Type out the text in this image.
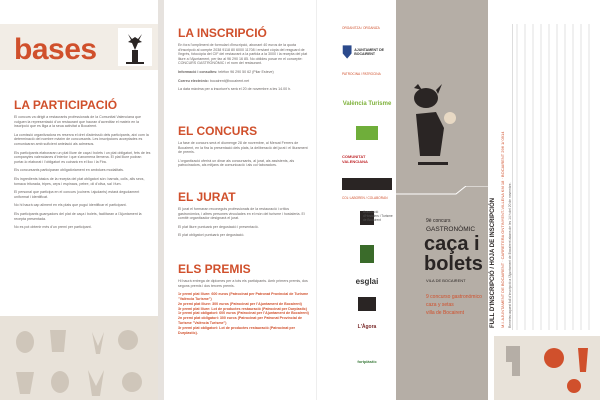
bases
LA PARTICIPACIÓ

El concurs va dirigit a restaurants professionals de la Comunitat Valenciana que vulguen la representació d'un restaurant que hauran d'acreditar el mateix en la inscripció que es lliga a la seua activitat a Bocairent.

La comissió organitzadora es reserva el dret d'admissió dels participants, així com la determinació del nombre màxim de concursants. Les inscripcions acceptades es comunicaran amb suficient antelació als admesos.

Els participants elaboraran un plat lliure de caça i bolets i un plat obligatori, fets de les companyies valencianes d'interior i que s'anomena llemena. El plat lliure podran portar-lo elaborat i l'obligatori es cuinarà en el lloc i la Fira.

Els concursants participaran obligatòriament en ambdues modalitats.

Els ingredients bàsics de la recepta del plat obligatori són: barrals, colls, alls secs, tomaca triturada, tripes, ceps i espinacs, pebre, oli d'oliva, sal i fum.

El personal que participa en el concurs (cuiners i ajudants) estarà degudament uniformat i identificat.

No hi haurà cap aliment en els plats que pugui identificar el participant.

Els participants guanyadors del plat de caça i bolets, facilitaran a l'Ajuntament la recepta presentada.

No es pot obtenir més d'un premi per participant.

LA INSCRIPCIÓ

En fora l'ompliment de formulari d'inscripció, abonant 40 euros de la quota d'inscripció al compte 2038 9118 80 6000 11708 i enviant còpia del resguard de l'ingrés, fotocòpia del CIF del restaurant a la partida a la 3000 i la recepta del plat lliure a l'Ajuntament, per fax al 96 290 16 85. No oblideu posar en el concepte: CONCURS GASTRONÒMIC i el nom del restaurant.

Informació i consultes: telèfon 96 290 50 62 (Pilar Esteve)

Correu electrònic: bocairent@bocairent.net

La data màxima per a inscriure's serà el 20 de novembre a les 14.00 h.

EL CONCURS

La fase de concurs serà el diumenge 28 de novembre, al Mercat Ferrers de Bocairent, en la fira la presentació dels plats, la deliberació del jurat i el lliurament de premis.

L'organització oferirà un dinar als concursants, al jurat, als assistents, als patrocinadors, als mitjans de comunicació i als col·laboradors.

EL JURAT

El jurat el formaran reconeguts professionals de la restauració i crítics gastronòmics, i altres persones vinculades en el món del turisme i hostaleria. El comitè organitzador designarà el jurat.

El plat lliure puntuarà per degustació i presentació.

El plat obligatori puntuarà per degustació.

ELS PREMIS

Hi haurà entrega de diplomes per a tots els participants. Amb primers premis, dos segons premis i dos tercers premis.

1r premi plat lliure: 600 euros (Patrocinat per Patronat Provincial de Turisme "València Turisme")

2n premi plat lliure: 300 euros (Patrocinat per l'Ajuntament de Bocairent)

3r premi plat lliure: Lot de productes restauració (Patrocinat per Durplastic)

1r premi plat obligatori: 600 euros (Patrocinat per l'Ajuntament de Bocairent)

2n premi plat obligatori: 300 euros (Patrocinat per Patronat Provincial de Turisme "València Turisme")

3r premi plat obligatori: Lot de productes restauració (Patrocinat per Durplastic).

ORGANITZA / ORGANIZA
AJUNTAMENT DE BOCAIRENT
PATROCINA / PATROCINA
València Turisme
COMUNITAT VALENCIANA
COL·LABOREN / COLABORAN
Associació d'Hostalers i Turisme de Bocairent
esglai
L'Àgora
fortplàstic
9è concurs
GASTRONÒMIC
caça i
bolets
VILA DE BOCAIRENT
9 concurso gastronómico
caza y setas
villa de Bocairent	FULL D'INSCRIPCIÓ / HOJA DE INSCRIPCIÓN M.I. AJUNTAMENT DE BOCAIRENT · CARRETERA ONTINYENT-VILLENA KM 18 · BOCAIRENT 296 1/ 0914 Remeteu aquest full d'inscripció a l'Ajuntament de Bocairent abans de les 14 h del 20 de novembre.
